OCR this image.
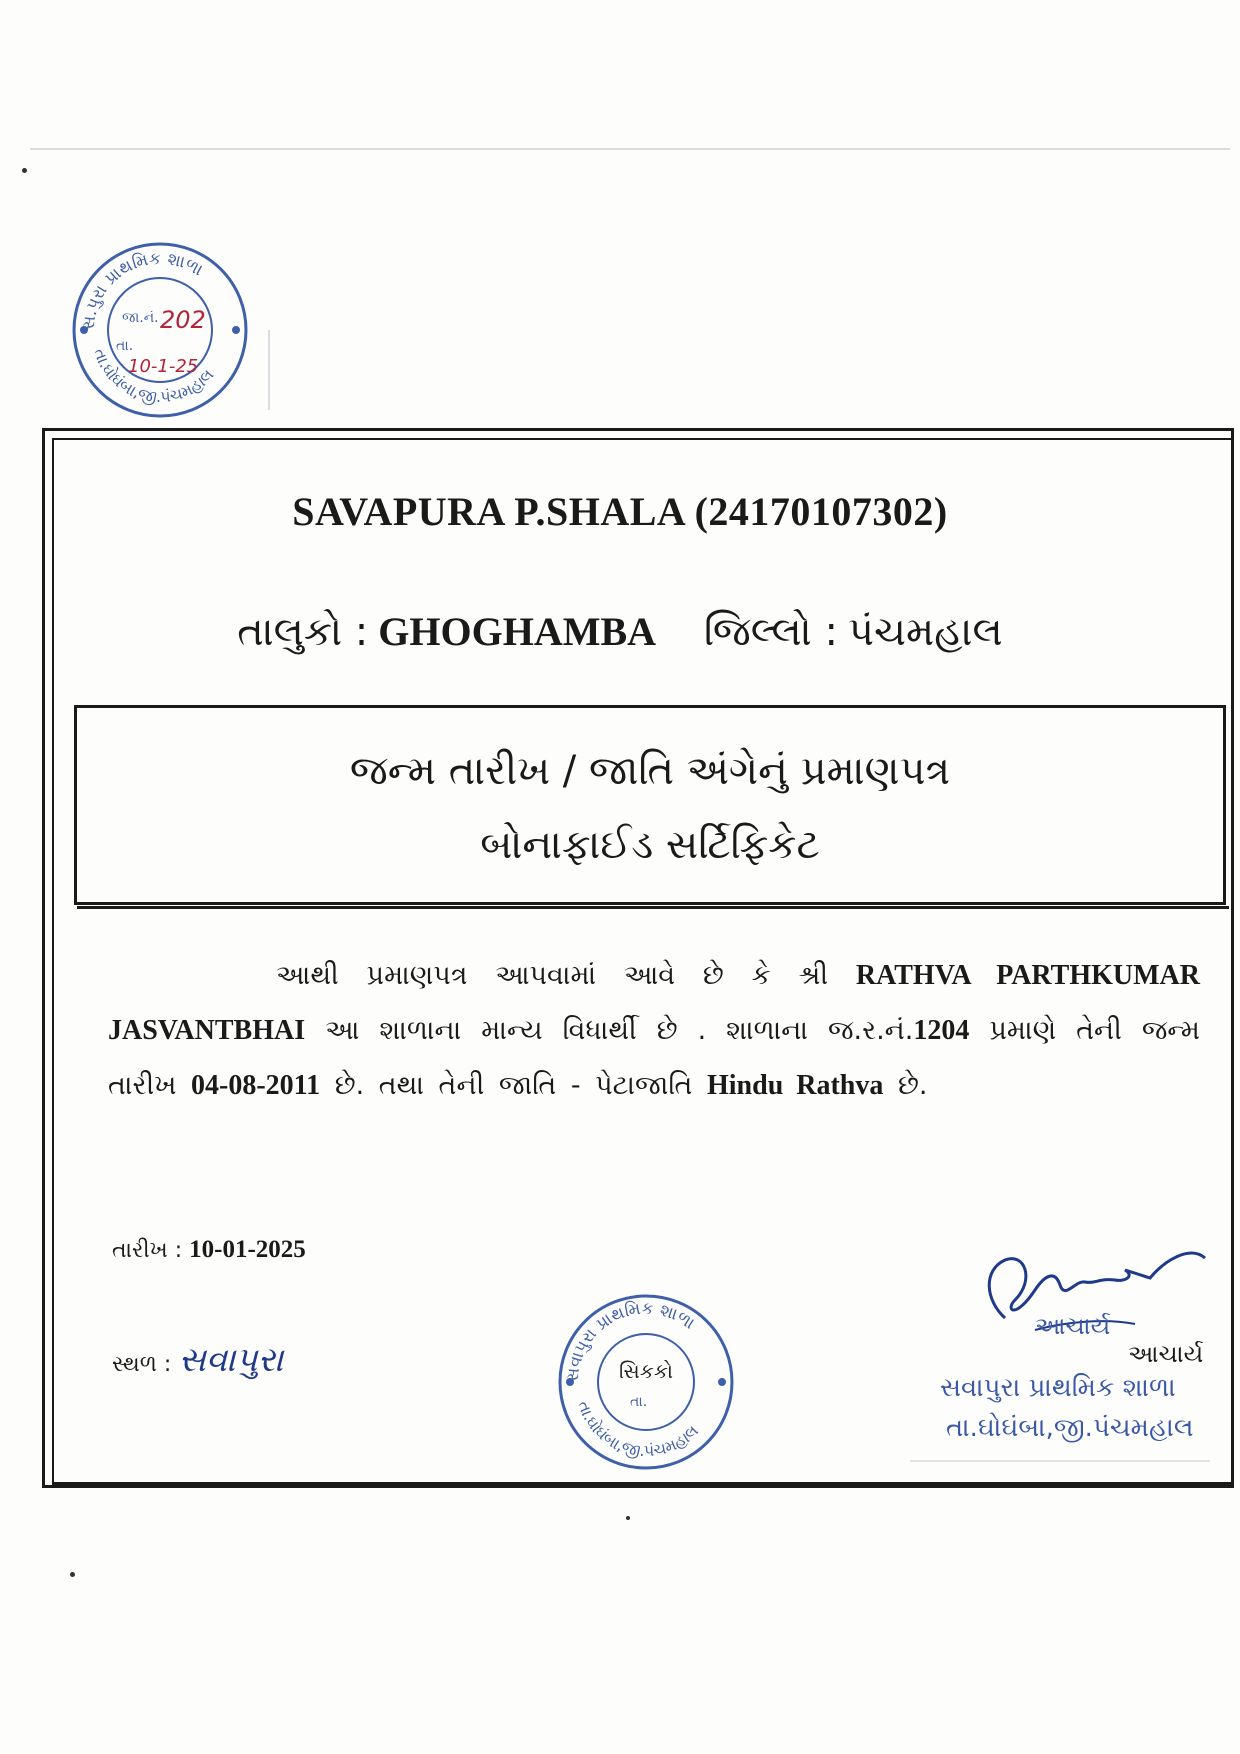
સ.પુરા પ્રાથમિક શાળા
તા.ઘોઘંબા,જી.પંચમહાલ
જા.નં. 202
તા.
10-1-25
SAVAPURA P.SHALA (24170107302)
તાલુકો : GHOGHAMBA જિલ્લો : પંચમહાલ
જન્મ તારીખ / જાતિ અંગેનું પ્રમાણપત્ર
બોનાફાઈડ સર્ટિફિકેટ
આથી પ્રમાણપત્ર આપવામાં આવે છે કે શ્રી RATHVA PARTHKUMAR JASVANTBHAI આ શાળાના માન્ય વિધાર્થી છે . શાળાના જ.ર.નં.1204 પ્રમાણે તેની જન્મ તારીખ 04-08-2011 છે. તથા તેની જાતિ - પેટાજાતિ Hindu Rathva છે.
તારીખ : 10-01-2025
સ્થળ : સવાપુરા	સવાપુરા પ્રાથમિક શાળા
તા.ઘોઘંબા,જી.પંચમહાલ
સિકકો
તા.
આચાર્ય
આચાર્ય
સવાપુરા પ્રાથમિક શાળા
તા.ઘોઘંબા,જી.પંચમહાલ
